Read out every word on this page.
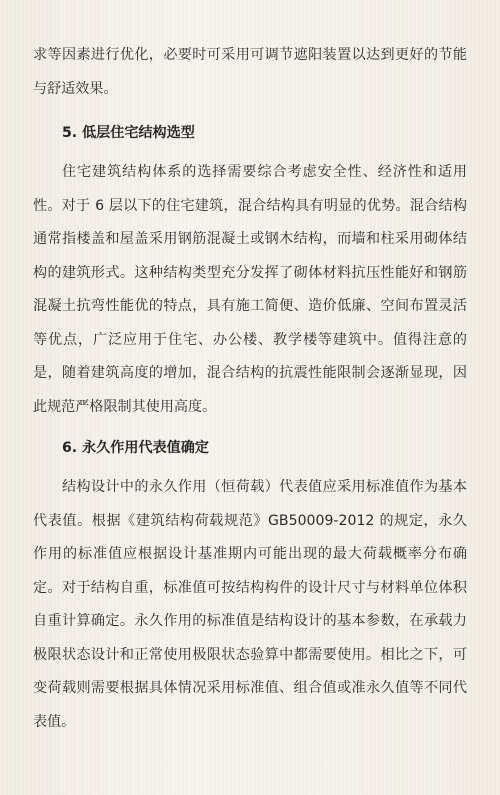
求等因素进行优化，必要时可采用可调节遮阳装置以达到更好的节能与舒适效果。

5. 低层住宅结构选型

住宅建筑结构体系的选择需要综合考虑安全性、经济性和适用性。对于 6 层以下的住宅建筑，混合结构具有明显的优势。混合结构通常指楼盖和屋盖采用钢筋混凝土或钢木结构，而墙和柱采用砌体结构的建筑形式。这种结构类型充分发挥了砌体材料抗压性能好和钢筋混凝土抗弯性能优的特点，具有施工简便、造价低廉、空间布置灵活等优点，广泛应用于住宅、办公楼、教学楼等建筑中。值得注意的是，随着建筑高度的增加，混合结构的抗震性能限制会逐渐显现，因此规范严格限制其使用高度。

6. 永久作用代表值确定

结构设计中的永久作用（恒荷载）代表值应采用标准值作为基本代表值。根据《建筑结构荷载规范》GB50009-2012 的规定，永久作用的标准值应根据设计基准期内可能出现的最大荷载概率分布确定。对于结构自重，标准值可按结构构件的设计尺寸与材料单位体积自重计算确定。永久作用的标准值是结构设计的基本参数，在承载力极限状态设计和正常使用极限状态验算中都需要使用。相比之下，可变荷载则需要根据具体情况采用标准值、组合值或准永久值等不同代表值。
